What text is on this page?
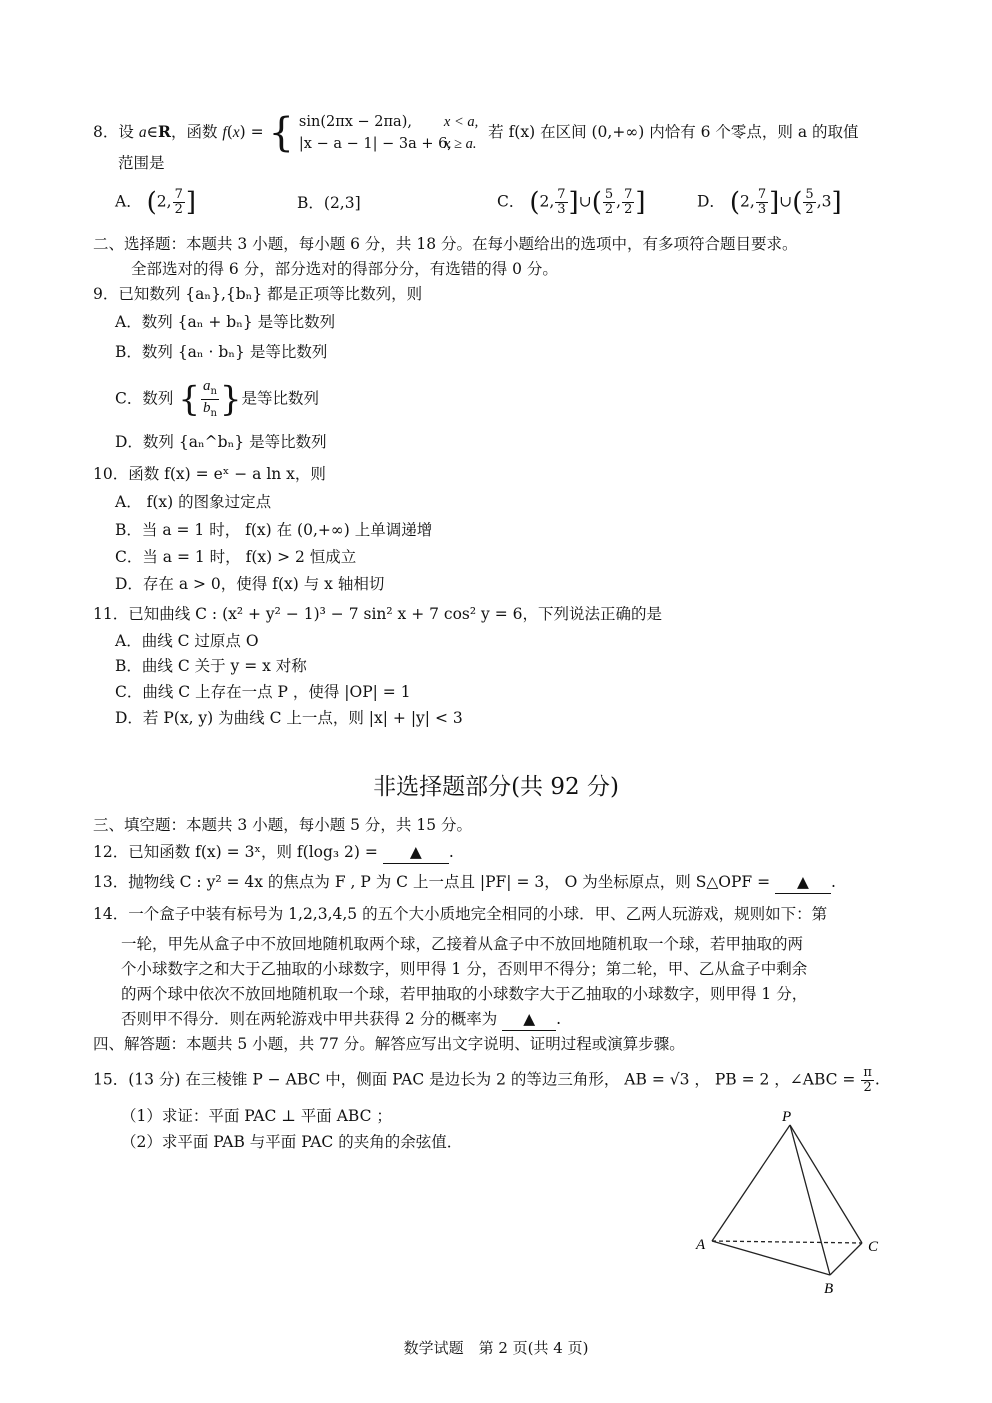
8．设 a∈R，函数 f(x) = { sin(2πx − 2πa), x < a,
|x − a − 1| − 3a + 6,x ≥ a.
若 f(x) 在区间 (0,+∞) 内恰有 6 个零点，则 a 的取值
范围是
A． (2, $\frac{7}{2}$ ]	B．(2,3]	C． (2, $\frac{7}{3}$ ]∪( $\frac{5}{2}$ , $\frac{7}{2}$ ]	D． (2, $\frac{7}{3}$ ]∪( $\frac{5}{2} ,3$]
二、选择题：本题共 3 小题，每小题 6 分，共 18 分。在每小题给出的选项中，有多项符合题目要求。
全部选对的得 6 分，部分选对的得部分分，有选错的得 0 分。
9．已知数列 {aₙ},{bₙ} 都是正项等比数列，则
A．数列 {aₙ + bₙ} 是等比数列
B．数列 {aₙ · bₙ} 是等比数列
C．数列 { $\frac{a_n}{b_n}$ }是等比数列
D．数列 {aₙ^bₙ} 是等比数列
10．函数 f(x) = eˣ − a ln x，则
A． f(x) 的图象过定点
B．当 a = 1 时， f(x) 在 (0,+∞) 上单调递增
C．当 a = 1 时， f(x) > 2 恒成立
D．存在 a > 0，使得 f(x) 与 x 轴相切
11．已知曲线 C : (x² + y² − 1)³ − 7 sin² x + 7 cos² y = 6，下列说法正确的是
A．曲线 C 过原点 O
B．曲线 C 关于 y = x 对称
C．曲线 C 上存在一点 P ，使得 |OP| = 1
D．若 P(x, y) 为曲线 C 上一点，则 |x| + |y| < 3
非选择题部分(共 92 分)
三、填空题：本题共 3 小题，每小题 5 分，共 15 分。
12．已知函数 f(x) = 3ˣ，则 f(log₃ 2) = ▲ .
13．抛物线 C : y² = 4x 的焦点为 F , P 为 C 上一点且 |PF| = 3， O 为坐标原点，则 S△OPF = ▲ .
14．一个盒子中装有标号为 1,2,3,4,5 的五个大小质地完全相同的小球．甲、乙两人玩游戏，规则如下：第
一轮，甲先从盒子中不放回地随机取两个球，乙接着从盒子中不放回地随机取一个球，若甲抽取的两
个小球数字之和大于乙抽取的小球数字，则甲得 1 分，否则甲不得分；第二轮，甲、乙从盒子中剩余
的两个球中依次不放回地随机取一个球，若甲抽取的小球数字大于乙抽取的小球数字，则甲得 1 分，
否则甲不得分．则在两轮游戏中甲共获得 2 分的概率为 ▲ .
四、解答题：本题共 5 小题，共 77 分。解答应写出文字说明、证明过程或演算步骤。
15．(13 分) 在三棱锥 P − ABC 中，侧面 PAC 是边长为 2 的等边三角形， AB = √3 ， PB = 2 ，∠ABC = $\frac{\pi}{2}$ .
（1）求证：平面 PAC ⊥ 平面 ABC ；
（2）求平面 PAB 与平面 PAC 的夹角的余弦值．
P
A	C
B
数学试题　第 2 页(共 4 页)
